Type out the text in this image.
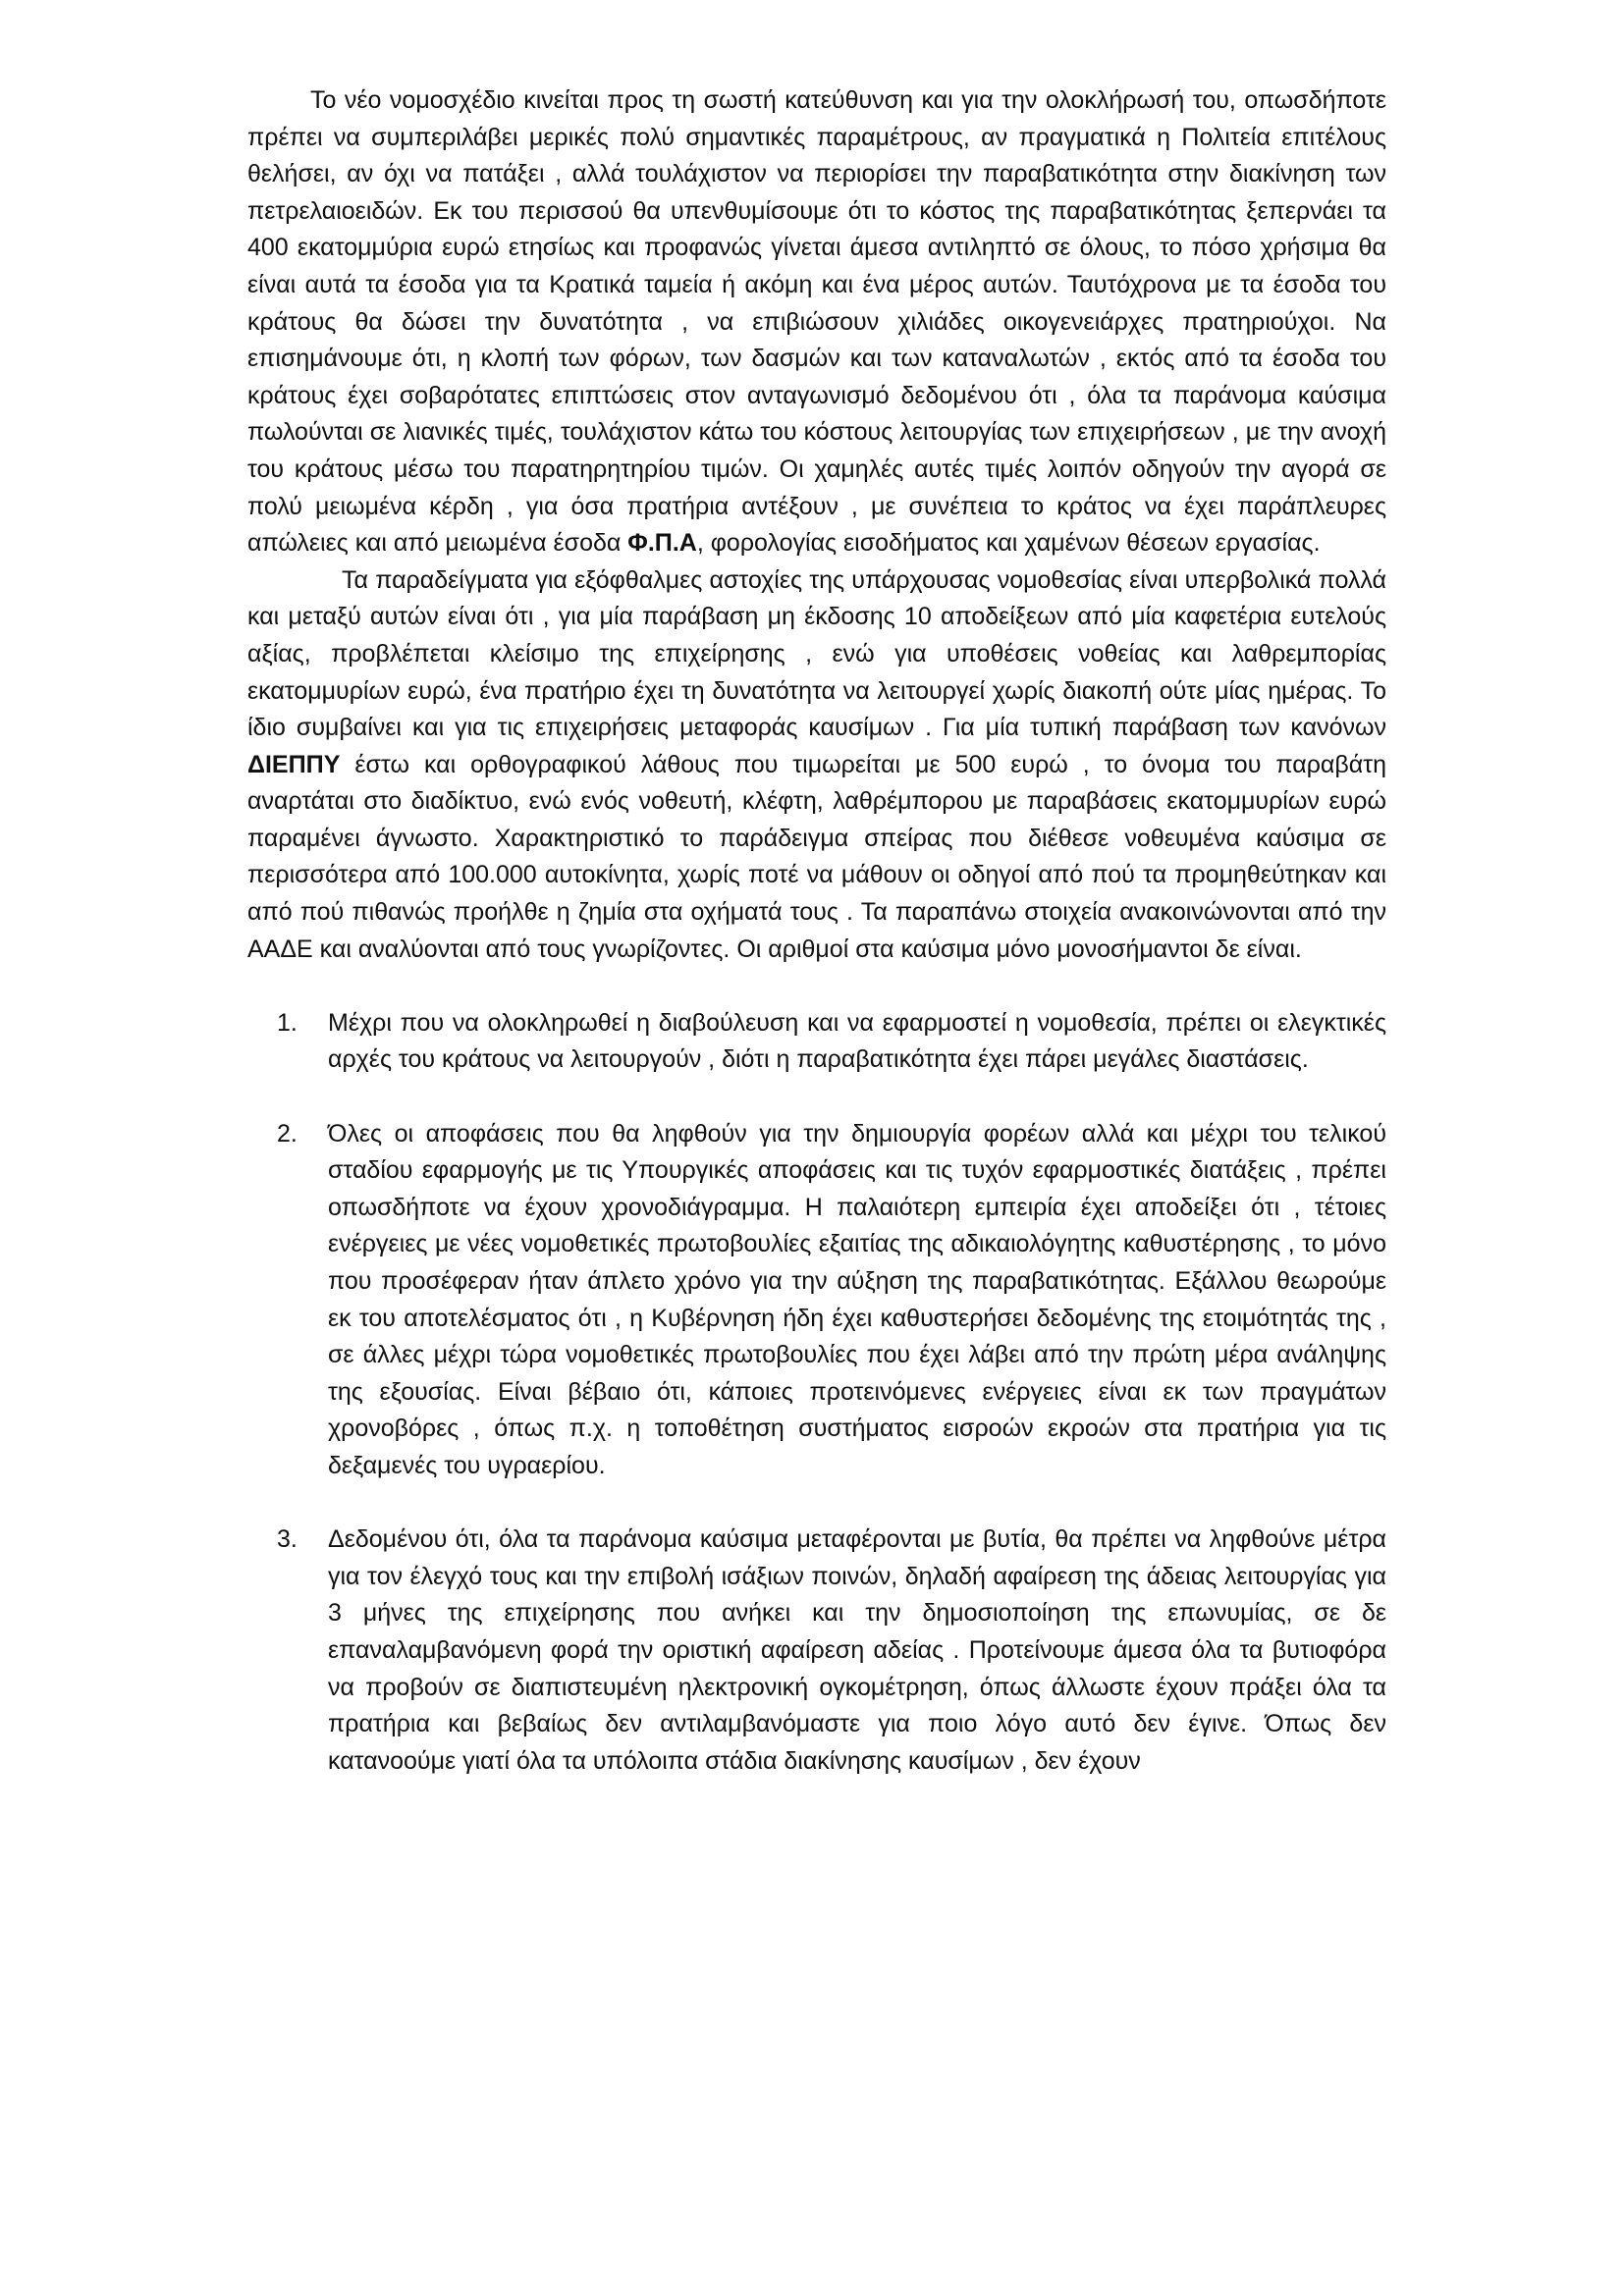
Το νέο νομοσχέδιο κινείται προς τη σωστή κατεύθυνση και για την ολοκλήρωσή του, οπωσδήποτε πρέπει να συμπεριλάβει μερικές πολύ σημαντικές παραμέτρους, αν πραγματικά η Πολιτεία επιτέλους θελήσει, αν όχι να πατάξει , αλλά τουλάχιστον να περιορίσει την παραβατικότητα στην διακίνηση των πετρελαιοειδών. Εκ του περισσού θα υπενθυμίσουμε ότι το κόστος της παραβατικότητας ξεπερνάει τα 400 εκατομμύρια ευρώ ετησίως και προφανώς γίνεται άμεσα αντιληπτό σε όλους, το πόσο χρήσιμα θα είναι αυτά τα έσοδα για τα Κρατικά ταμεία ή ακόμη και ένα μέρος αυτών. Ταυτόχρονα με τα έσοδα του κράτους θα δώσει την δυνατότητα , να επιβιώσουν χιλιάδες οικογενειάρχες πρατηριούχοι. Να επισημάνουμε ότι, η κλοπή των φόρων, των δασμών και των καταναλωτών , εκτός από τα έσοδα του κράτους έχει σοβαρότατες επιπτώσεις στον ανταγωνισμό δεδομένου ότι , όλα τα παράνομα καύσιμα πωλούνται σε λιανικές τιμές, τουλάχιστον κάτω του κόστους λειτουργίας των επιχειρήσεων , με την ανοχή του κράτους μέσω του παρατηρητηρίου τιμών. Οι χαμηλές αυτές τιμές λοιπόν οδηγούν την αγορά σε πολύ μειωμένα κέρδη , για όσα πρατήρια αντέξουν , με συνέπεια το κράτος να έχει παράπλευρες απώλειες και από μειωμένα έσοδα Φ.Π.Α, φορολογίας εισοδήματος και χαμένων θέσεων εργασίας.

Τα παραδείγματα για εξόφθαλμες αστοχίες της υπάρχουσας νομοθεσίας είναι υπερβολικά πολλά και μεταξύ αυτών είναι ότι , για μία παράβαση μη έκδοσης 10 αποδείξεων από μία καφετέρια ευτελούς αξίας, προβλέπεται κλείσιμο της επιχείρησης , ενώ για υποθέσεις νοθείας και λαθρεμπορίας εκατομμυρίων ευρώ, ένα πρατήριο έχει τη δυνατότητα να λειτουργεί χωρίς διακοπή ούτε μίας ημέρας. Το ίδιο συμβαίνει και για τις επιχειρήσεις μεταφοράς καυσίμων . Για μία τυπική παράβαση των κανόνων ΔΙΕΠΠΥ έστω και ορθογραφικού λάθους που τιμωρείται με 500 ευρώ , το όνομα του παραβάτη αναρτάται στο διαδίκτυο, ενώ ενός νοθευτή, κλέφτη, λαθρέμπορου με παραβάσεις εκατομμυρίων ευρώ παραμένει άγνωστο. Χαρακτηριστικό το παράδειγμα σπείρας που διέθεσε νοθευμένα καύσιμα σε περισσότερα από 100.000 αυτοκίνητα, χωρίς ποτέ να μάθουν οι οδηγοί από πού τα προμηθεύτηκαν και από πού πιθανώς προήλθε η ζημία στα οχήματά τους . Τα παραπάνω στοιχεία ανακοινώνονται από την ΑΑΔΕ και αναλύονται από τους γνωρίζοντες. Οι αριθμοί στα καύσιμα μόνο μονοσήμαντοι δε είναι.

1. Μέχρι που να ολοκληρωθεί η διαβούλευση και να εφαρμοστεί η νομοθεσία, πρέπει οι ελεγκτικές αρχές του κράτους να λειτουργούν , διότι η παραβατικότητα έχει πάρει μεγάλες διαστάσεις.
2. Όλες οι αποφάσεις που θα ληφθούν για την δημιουργία φορέων αλλά και μέχρι του τελικού σταδίου εφαρμογής με τις Υπουργικές αποφάσεις και τις τυχόν εφαρμοστικές διατάξεις , πρέπει οπωσδήποτε να έχουν χρονοδιάγραμμα. Η παλαιότερη εμπειρία έχει αποδείξει ότι , τέτοιες ενέργειες με νέες νομοθετικές πρωτοβουλίες εξαιτίας της αδικαιολόγητης καθυστέρησης , το μόνο που προσέφεραν ήταν άπλετο χρόνο για την αύξηση της παραβατικότητας. Εξάλλου θεωρούμε εκ του αποτελέσματος ότι , η Κυβέρνηση ήδη έχει καθυστερήσει δεδομένης της ετοιμότητάς της , σε άλλες μέχρι τώρα νομοθετικές πρωτοβουλίες που έχει λάβει από την πρώτη μέρα ανάληψης της εξουσίας. Είναι βέβαιο ότι, κάποιες προτεινόμενες ενέργειες είναι εκ των πραγμάτων χρονοβόρες , όπως π.χ. η τοποθέτηση συστήματος εισροών εκροών στα πρατήρια για τις δεξαμενές του υγραερίου.
3. Δεδομένου ότι, όλα τα παράνομα καύσιμα μεταφέρονται με βυτία, θα πρέπει να ληφθούνε μέτρα για τον έλεγχό τους και την επιβολή ισάξιων ποινών, δηλαδή αφαίρεση της άδειας λειτουργίας για 3 μήνες της επιχείρησης που ανήκει και την δημοσιοποίηση της επωνυμίας, σε δε επαναλαμβανόμενη φορά την οριστική αφαίρεση αδείας . Προτείνουμε άμεσα όλα τα βυτιοφόρα να προβούν σε διαπιστευμένη ηλεκτρονική ογκομέτρηση, όπως άλλωστε έχουν πράξει όλα τα πρατήρια και βεβαίως δεν αντιλαμβανόμαστε για ποιο λόγο αυτό δεν έγινε. Όπως δεν κατανοούμε γιατί όλα τα υπόλοιπα στάδια διακίνησης καυσίμων , δεν έχουν
